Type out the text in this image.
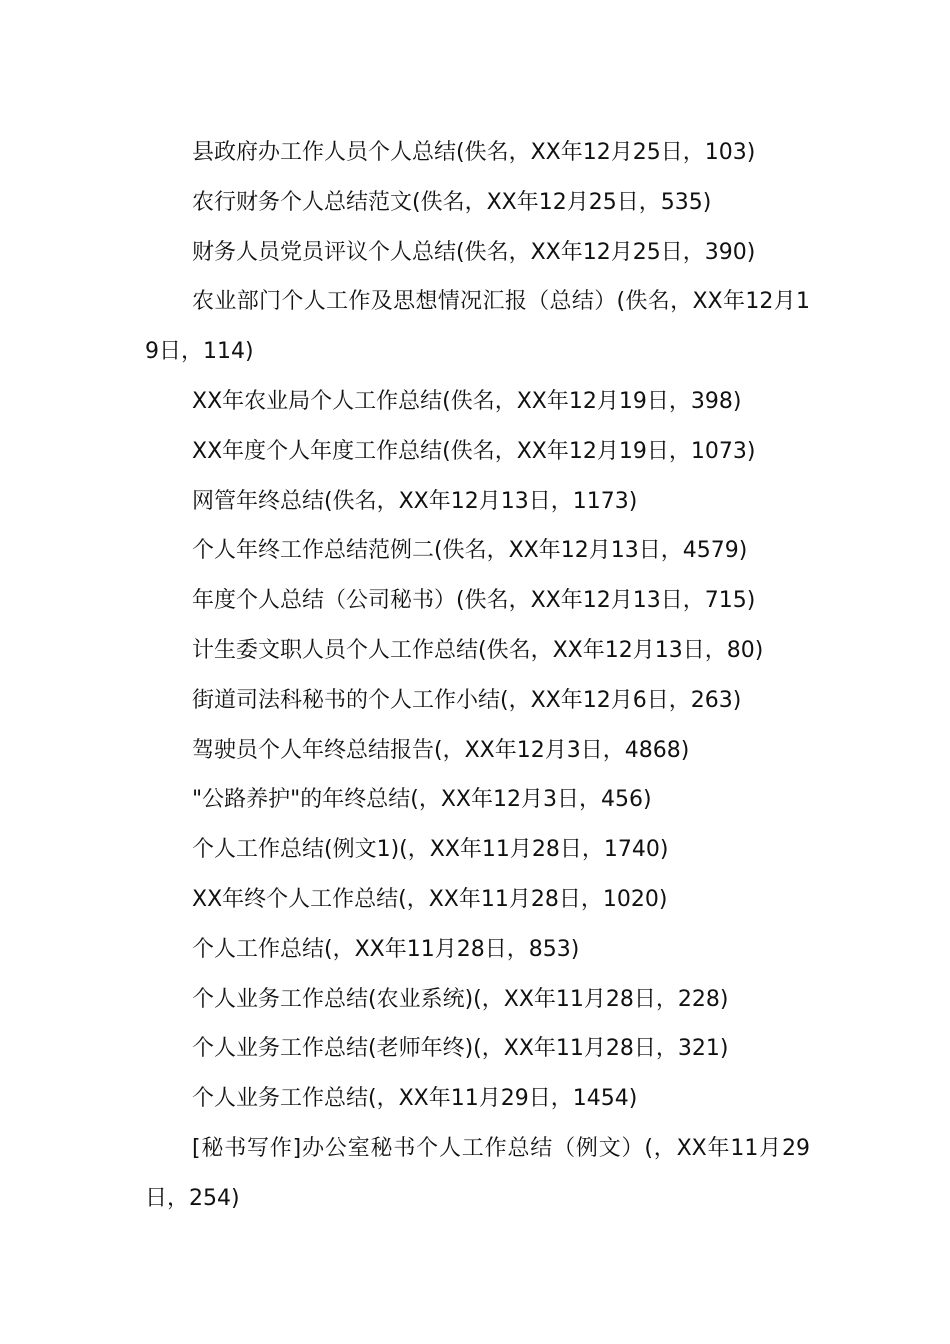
县政府办工作人员个人总结(佚名，XX年12月25日，103)

农行财务个人总结范文(佚名，XX年12月25日，535)

财务人员党员评议个人总结(佚名，XX年12月25日，390)

农业部门个人工作及思想情况汇报（总结）(佚名，XX年12月19日，114)

XX年农业局个人工作总结(佚名，XX年12月19日，398)

XX年度个人年度工作总结(佚名，XX年12月19日，1073)

网管年终总结(佚名，XX年12月13日，1173)

个人年终工作总结范例二(佚名，XX年12月13日，4579)

年度个人总结（公司秘书）(佚名，XX年12月13日，715)

计生委文职人员个人工作总结(佚名，XX年12月13日，80)

街道司法科秘书的个人工作小结(，XX年12月6日，263)

驾驶员个人年终总结报告(，XX年12月3日，4868)

"公路养护"的年终总结(，XX年12月3日，456)

个人工作总结(例文1)(，XX年11月28日，1740)

XX年终个人工作总结(，XX年11月28日，1020)

个人工作总结(，XX年11月28日，853)

个人业务工作总结(农业系统)(，XX年11月28日，228)

个人业务工作总结(老师年终)(，XX年11月28日，321)

个人业务工作总结(，XX年11月29日，1454)

[秘书写作]办公室秘书个人工作总结（例文）(，XX年11月29日，254)
